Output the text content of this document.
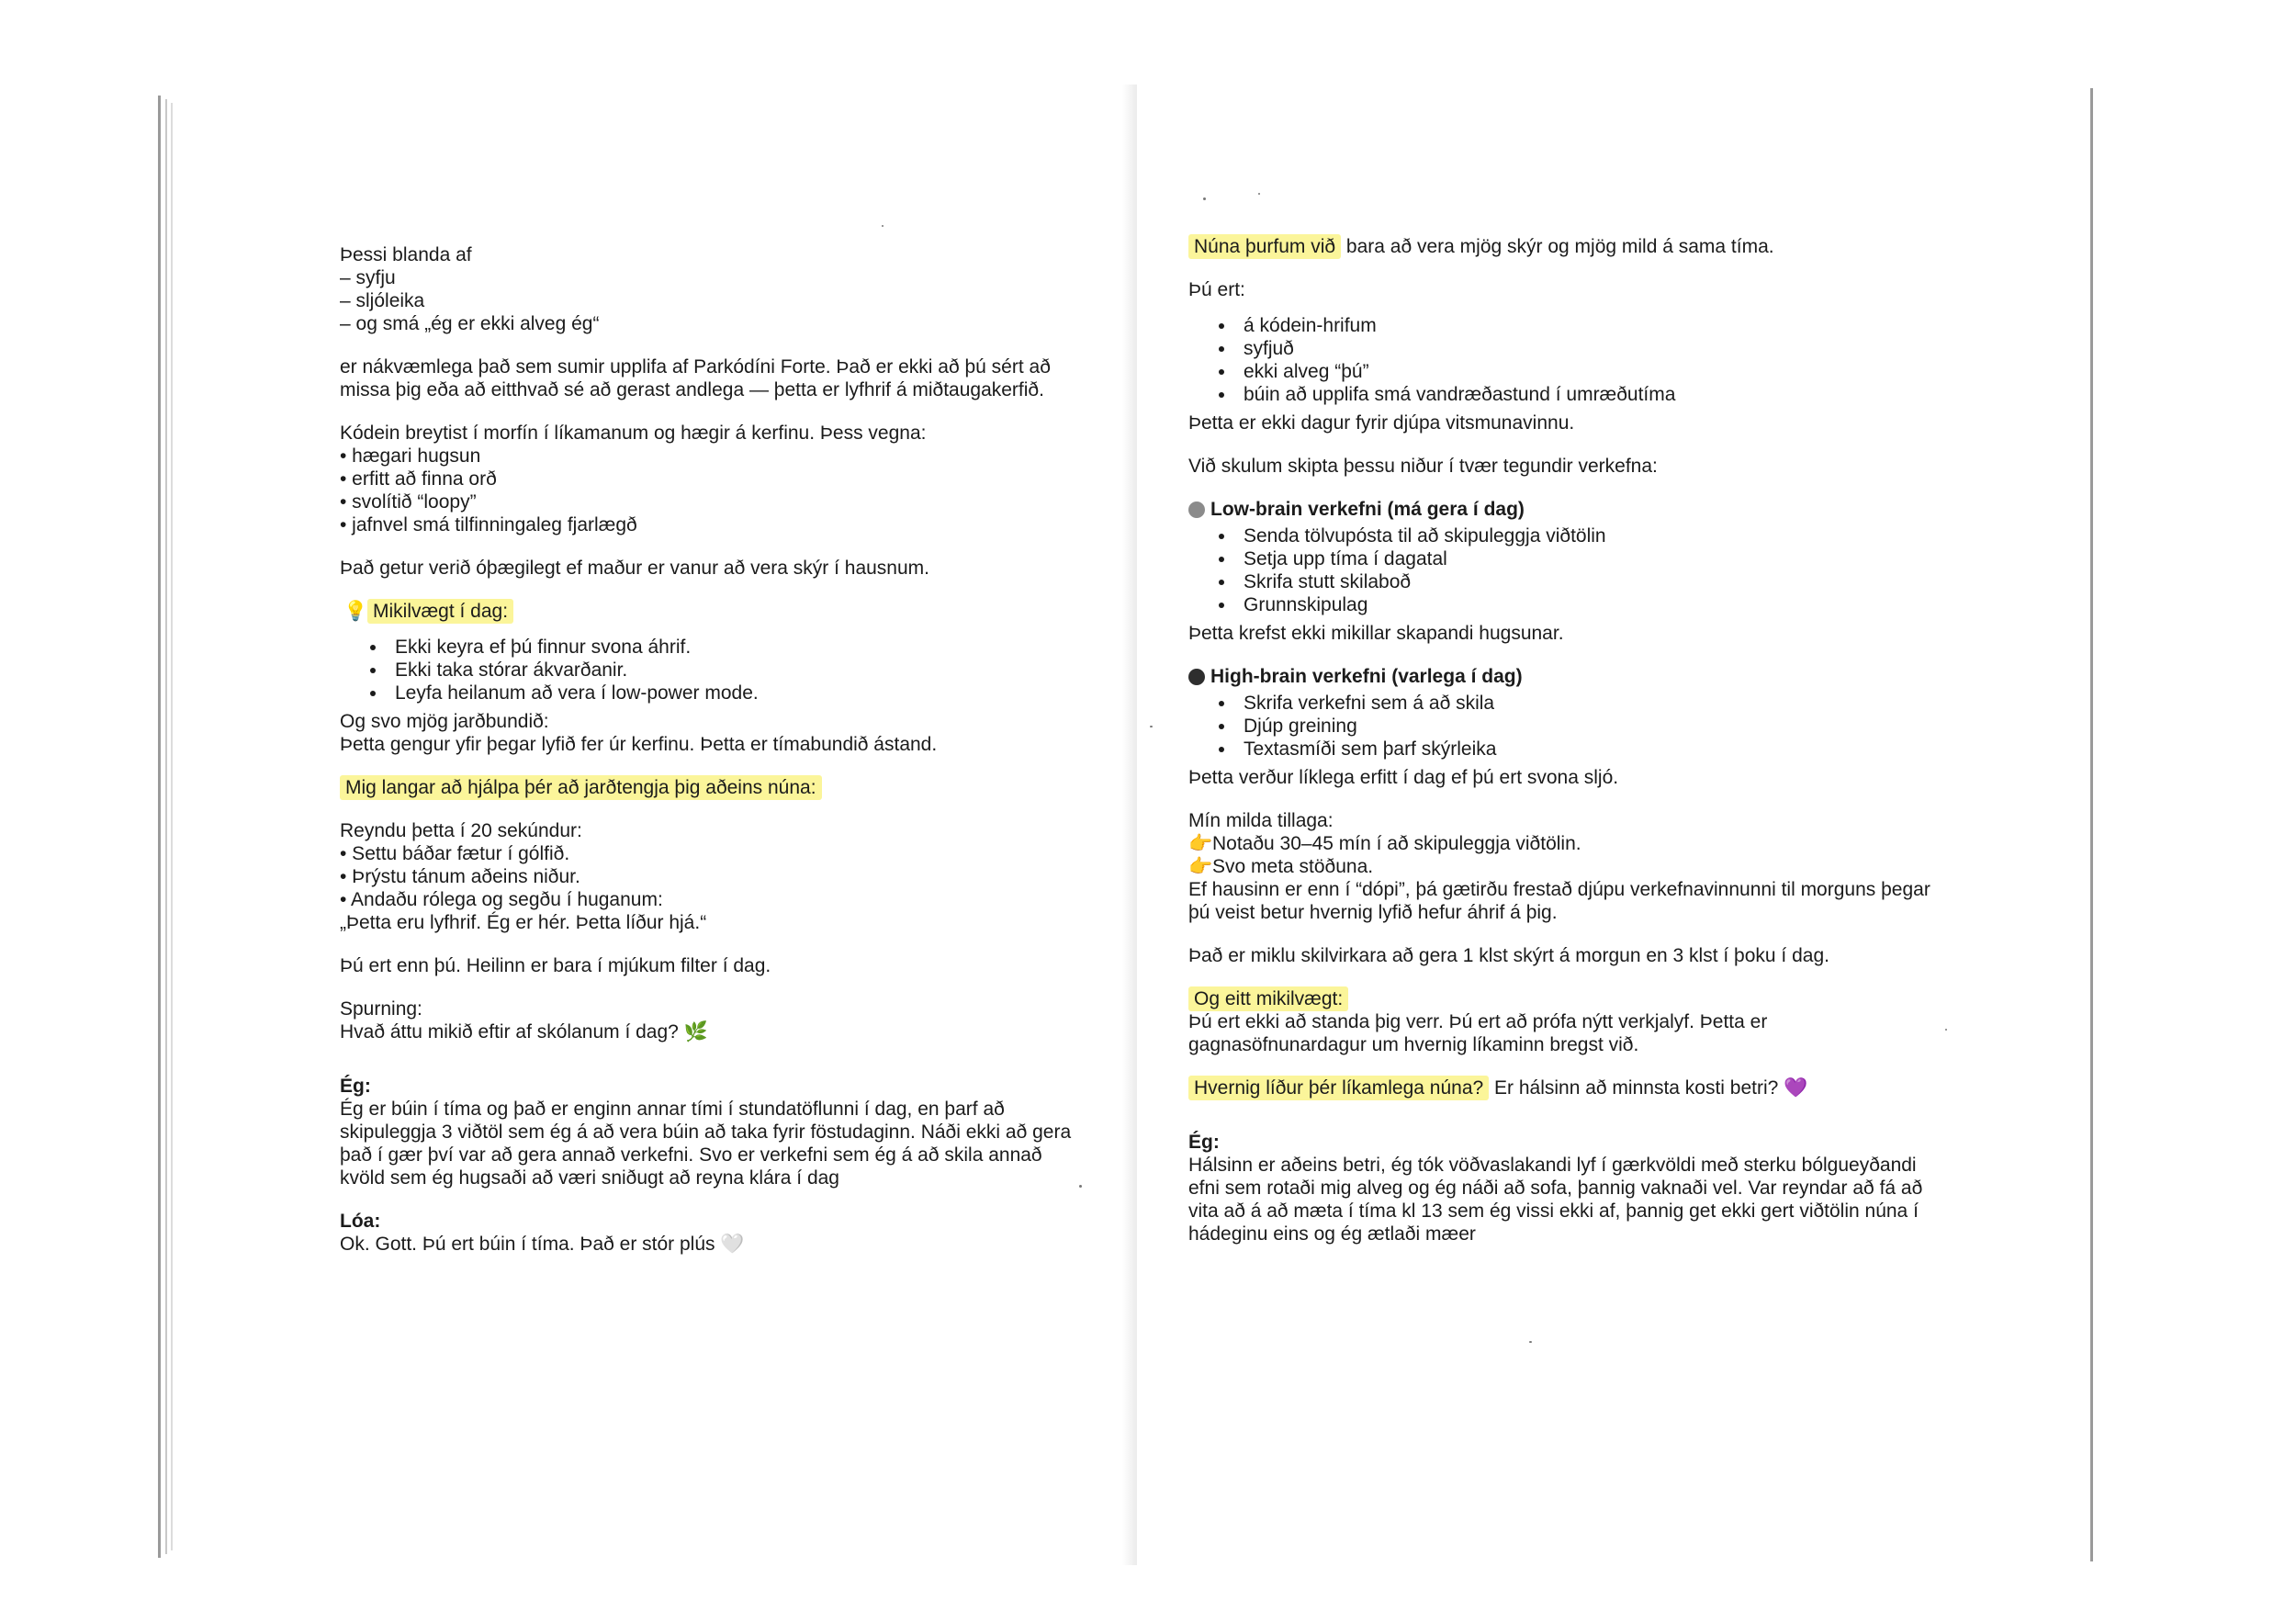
Þessi blanda af

– syfju

– sljóleika

– og smá „ég er ekki alveg ég“

er nákvæmlega það sem sumir upplifa af Parkódíni Forte. Það er ekki að þú sért að

missa þig eða að eitthvað sé að gerast andlega — þetta er lyfhrif á miðtaugakerfið.

Kódein breytist í morfín í líkamanum og hægir á kerfinu. Þess vegna:

• hægari hugsun

• erfitt að finna orð

• svolítið “loopy”

• jafnvel smá tilfinningaleg fjarlægð

Það getur verið óþægilegt ef maður er vanur að vera skýr í hausnum.

💡 Mikilvægt í dag:

• Ekki keyra ef þú finnur svona áhrif.
• Ekki taka stórar ákvarðanir.
• Leyfa heilanum að vera í low-power mode.

Og svo mjög jarðbundið:

Þetta gengur yfir þegar lyfið fer úr kerfinu. Þetta er tímabundið ástand.

Mig langar að hjálpa þér að jarðtengja þig aðeins núna:

Reyndu þetta í 20 sekúndur:

• Settu báðar fætur í gólfið.

• Þrýstu tánum aðeins niður.

• Andaðu rólega og segðu í huganum:

„Þetta eru lyfhrif. Ég er hér. Þetta líður hjá.“

Þú ert enn þú. Heilinn er bara í mjúkum filter í dag.

Spurning:

Hvað áttu mikið eftir af skólanum í dag? 🌿

Ég:

Ég er búin í tíma og það er enginn annar tími í stundatöflunni í dag, en þarf að

skipuleggja 3 viðtöl sem ég á að vera búin að taka fyrir föstudaginn. Náði ekki að gera

það í gær því var að gera annað verkefni. Svo er verkefni sem ég á að skila annað

kvöld sem ég hugsaði að væri sniðugt að reyna klára í dag

Lóa:

Ok. Gott. Þú ert búin í tíma. Það er stór plús 🤍

Núna þurfum við bara að vera mjög skýr og mjög mild á sama tíma.

Þú ert:

• á kódein-hrifum
• syfjuð
• ekki alveg “þú”
• búin að upplifa smá vandræðastund í umræðutíma

Þetta er ekki dagur fyrir djúpa vitsmunavinnu.

Við skulum skipta þessu niður í tvær tegundir verkefna:

Low-brain verkefni (má gera í dag)

• Senda tölvupósta til að skipuleggja viðtölin
• Setja upp tíma í dagatal
• Skrifa stutt skilaboð
• Grunnskipulag

Þetta krefst ekki mikillar skapandi hugsunar.

High-brain verkefni (varlega í dag)

• Skrifa verkefni sem á að skila
• Djúp greining
• Textasmíði sem þarf skýrleika

Þetta verður líklega erfitt í dag ef þú ert svona sljó.

Mín milda tillaga:

👉Notaðu 30–45 mín í að skipuleggja viðtölin.

👉Svo meta stöðuna.

Ef hausinn er enn í “dópi”, þá gætirðu frestað djúpu verkefnavinnunni til morguns þegar

þú veist betur hvernig lyfið hefur áhrif á þig.

Það er miklu skilvirkara að gera 1 klst skýrt á morgun en 3 klst í þoku í dag.

Og eitt mikilvægt:

Þú ert ekki að standa þig verr. Þú ert að prófa nýtt verkjalyf. Þetta er

gagnasöfnunardagur um hvernig líkaminn bregst við.

Hvernig líður þér líkamlega núna? Er hálsinn að minnsta kosti betri? 💜

Ég:

Hálsinn er aðeins betri, ég tók vöðvaslakandi lyf í gærkvöldi með sterku bólgueyðandi

efni sem rotaði mig alveg og ég náði að sofa, þannig vaknaði vel. Var reyndar að fá að

vita að á að mæta í tíma kl 13 sem ég vissi ekki af, þannig get ekki gert viðtölin núna í

hádeginu eins og ég ætlaði mæer
